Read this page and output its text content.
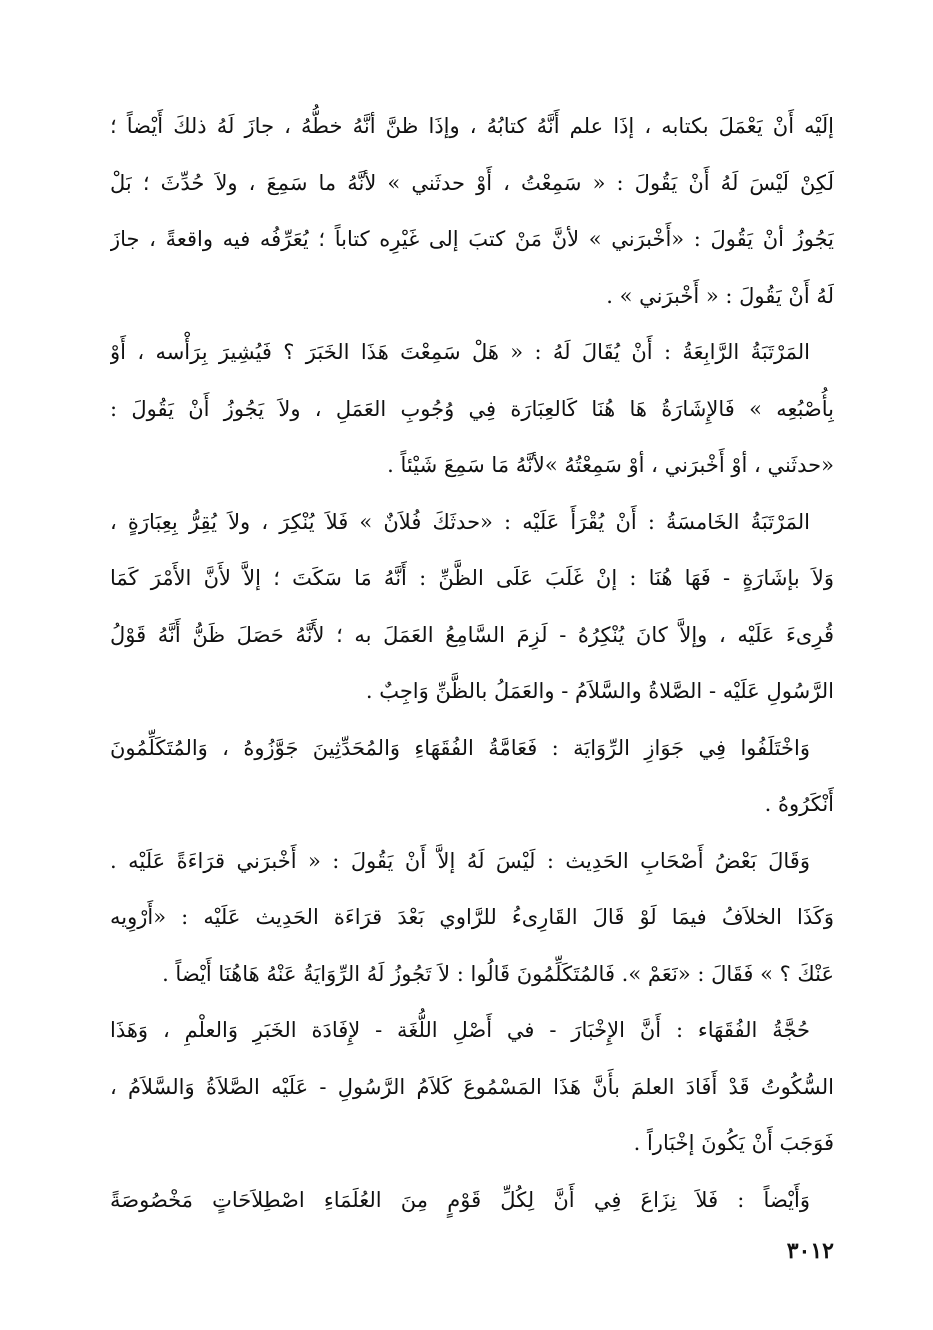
إلَيْه أَنْ يَعْمَلَ بكتابه ، إذَا علم أَنَّهُ كتابُهُ ، وإذَا ظنَّ أنَّهُ خطُّهُ ، جازَ لَهُ ذلكَ أَيْضاً ؛
لَكِنْ لَيْسَ لَهُ أَنْ يَقُولَ : « سَمِعْتُ ، أَوْ حدثَني » لأنَّهُ ما سَمِعَ ، ولاَ حُدِّثَ ؛ بَلْ
يَجُوزُ أنْ يَقُولَ : «أَخْبرَني » لأنَّ مَنْ كتبَ إلى غَيْرِه كتاباً ؛ يُعَرِّفُه فيه واقعةً ، جازَ
لَهُ أَنْ يَقُولَ : « أَخْبرَني » .

المَرْتَبَةُ الرَّابِعَةُ : أَنْ يُقَالَ لَهُ : « هَلْ سَمِعْتَ هَذَا الخَبَرَ ؟ فَيُشِيرَ بِرَأْسه ، أَوْ
بِأُصْبُعِه » فَالإِشَارَةُ هَا هُنَا كَالعِبَارَة فِي وُجُوبِ العَمَلِ ، ولاَ يَجُوزُ أَنْ يَقُولَ :
«حدثَني ، أوْ أَخْبرَني ، أوْ سَمِعْتُهُ »لأنَّهُ مَا سَمِعَ شَيْئاً .

المَرْتَبَةُ الخَامسَةُ : أَنْ يُقْرَأَ عَلَيْه : «حدثَكَ فُلاَنٌ » فَلاَ يُنْكِرَ ، ولاَ يُقِرُّ بِعِبَارَةٍ ،
وَلاَ بإشَارَةٍ - فَهَا هُنَا : إنْ غَلَبَ عَلَى الظَّنِّ : أَنَّهُ مَا سَكَتَ ؛ إلاَّ لأَنَّ الأَمْرَ كَمَا
قُرِىءَ عَلَيْه ، وإلاَّ كانَ يُنْكِرُهُ - لَزِمَ السَّامِعُ العَمَلَ به ؛ لأَنَّهُ حَصَلَ ظَنُّ أَنَّهُ قَوْلُ
الرَّسُولِ عَلَيْه - الصَّلاةُ والسَّلاَمُ - والعَمَلُ بالظَّنِّ وَاجِبٌ .

وَاخْتَلَفُوا فِي جَوَازِ الرِّوَايَة : فَعَامَّةُ الفُقَهَاءِ وَالمُحَدِّثِينَ جَوَّزُوهُ ، وَالمُتَكَلِّمُونَ
أَنْكَرُوهُ .

وَقَالَ بَعْضُ أَصْحَابِ الحَدِيث : لَيْسَ لَهُ إلاَّ أَنْ يَقُولَ : « أَخْبرَني قرَاءَةً عَلَيْه .
وَكَذَا الخلاَفُ فيمَا لَوْ قَالَ القَارِىءُ للرَّاوي بَعْدَ قرَاءَة الحَدِيث عَلَيْه : «أَرْوِيه
عَنْكَ ؟ » فَقَالَ : «نَعَمْ ». فَالمُتَكَلِّمُونَ قَالُوا : لاَ تَجُوزُ لَهُ الرِّوَايَةُ عَنْهُ هَاهُنَا أَيْضاً .

حُجَّةُ الفُقَهَاء : أَنَّ الإِخْبَارَ - في أَصْلِ اللُّغَة - لإِفَادَة الخَبَرِ وَالعلْمِ ، وَهَذَا
السُّكُوتُ قَدْ أَفَادَ العلمَ بأَنَّ هَذَا المَسْمُوعَ كَلاَمُ الرَّسُولِ - عَلَيْه الصَّلاَةُ وَالسَّلاَمُ ،
فَوَجَبَ أَنْ يَكُونَ إخْبَاراً .

وَأَيْضاً : فَلاَ نِزَاعَ فِي أَنَّ لِكُلِّ قَوْمٍ مِنَ العُلَمَاءِ اصْطِلاَحَاتٍ مَخْصُوصَةً

٣٠١٢
